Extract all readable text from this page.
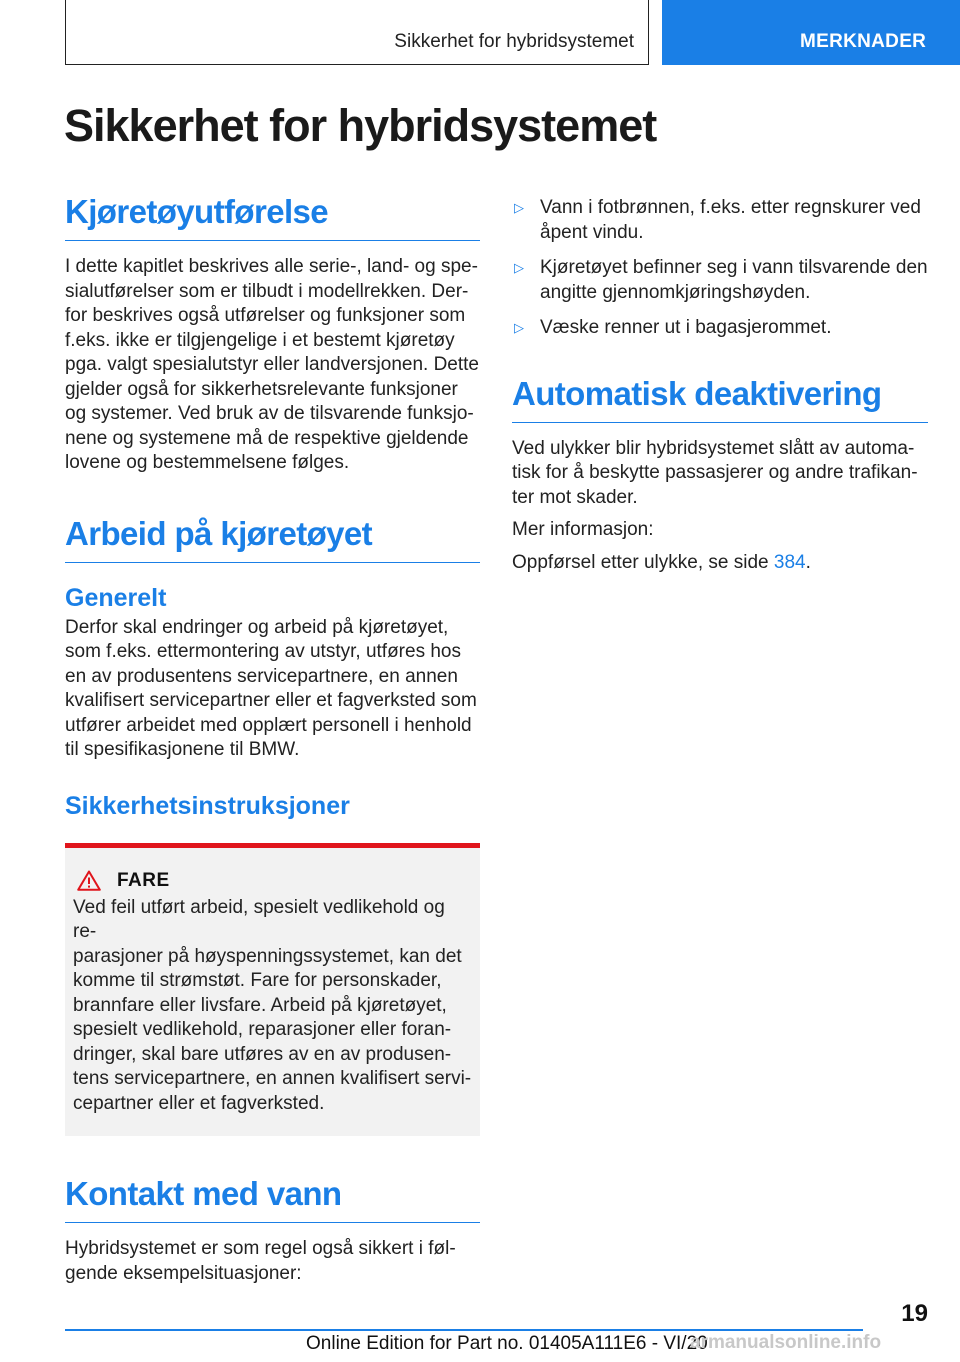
Sikkerhet for hybridsystemet	MERKNADER
Sikkerhet for hybridsystemet
Kjøretøyutførelse
I dette kapitlet beskrives alle serie-, land- og spe-
sialutførelser som er tilbudt i modellrekken. Der-
for beskrives også utførelser og funksjoner som
f.eks. ikke er tilgjengelige i et bestemt kjøretøy
pga. valgt spesialutstyr eller landversjonen. Dette
gjelder også for sikkerhetsrelevante funksjoner
og systemer. Ved bruk av de tilsvarende funksjo-
nene og systemene må de respektive gjeldende
lovene og bestemmelsene følges.
Arbeid på kjøretøyet
Generelt
Derfor skal endringer og arbeid på kjøretøyet,
som f.eks. ettermontering av utstyr, utføres hos
en av produsentens servicepartnere, en annen
kvalifisert servicepartner eller et fagverksted som
utfører arbeidet med opplært personell i henhold
til spesifikasjonene til BMW.
Sikkerhetsinstruksjoner
FARE
Ved feil utført arbeid, spesielt vedlikehold og re-
parasjoner på høyspenningssystemet, kan det
komme til strømstøt. Fare for personskader,
brannfare eller livsfare. Arbeid på kjøretøyet,
spesielt vedlikehold, reparasjoner eller foran-
dringer, skal bare utføres av en av produsen-
tens servicepartnere, en annen kvalifisert servi-
cepartner eller et fagverksted.
Kontakt med vann
Hybridsystemet er som regel også sikkert i føl-
gende eksempelsituasjoner:
▷ Vann i fotbrønnen, f.eks. etter regnskurer ved
åpent vindu.
▷ Kjøretøyet befinner seg i vann tilsvarende den
angitte gjennomkjøringshøyden.
▷ Væske renner ut i bagasjerommet.
Automatisk deaktivering
Ved ulykker blir hybridsystemet slått av automa-
tisk for å beskytte passasjerer og andre trafikan-
ter mot skader.
Mer informasjon:
Oppførsel etter ulykke, se side 384.
19
Online Edition for Part no. 01405A111E6 - VI/20
armanualsonline.info
